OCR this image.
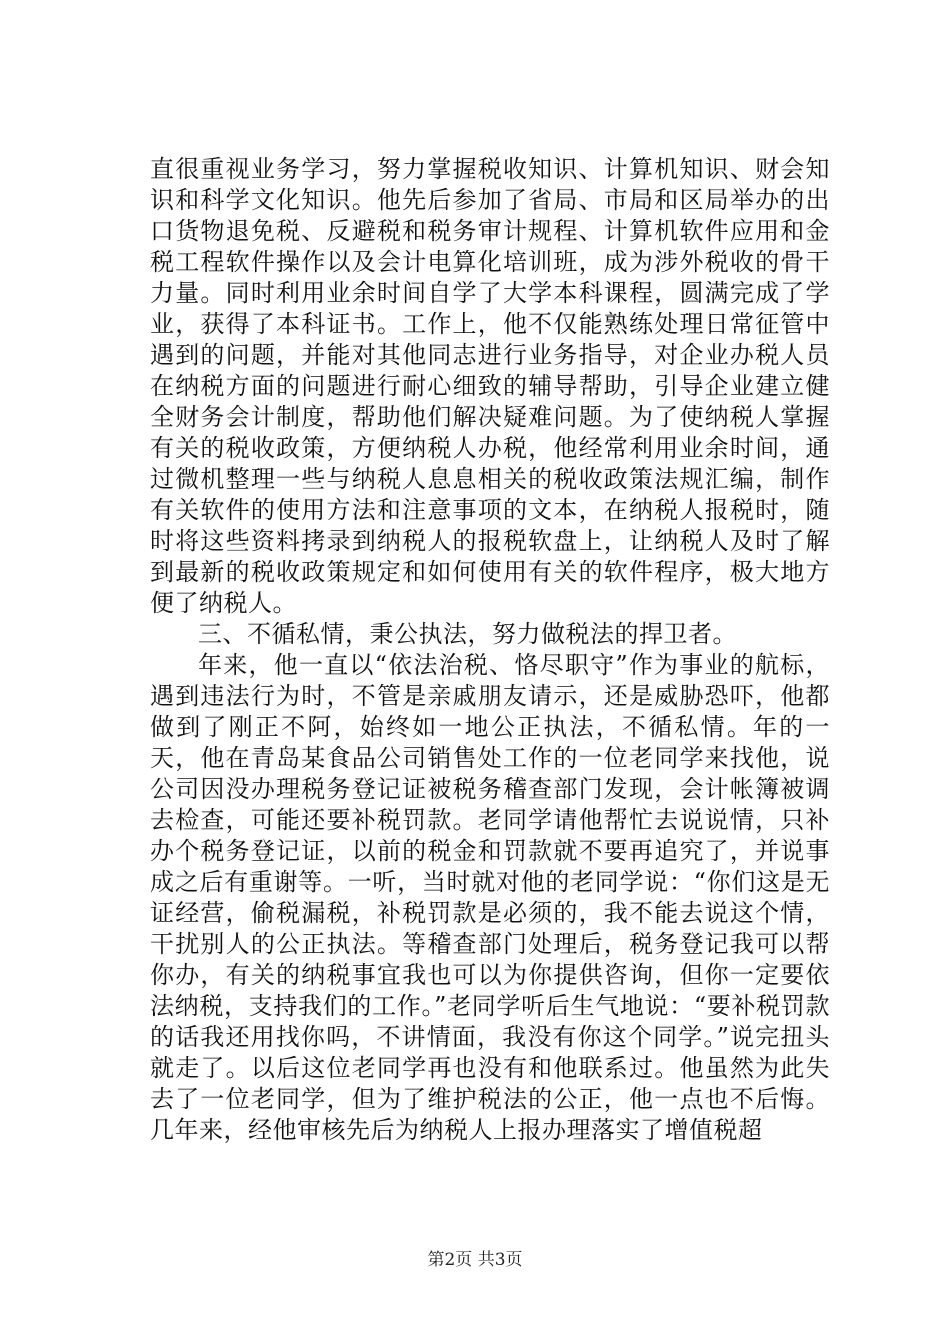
直很重视业务学习，努力掌握税收知识、计算机知识、财会知识和科学文化知识。他先后参加了省局、市局和区局举办的出口货物退免税、反避税和税务审计规程、计算机软件应用和金税工程软件操作以及会计电算化培训班，成为涉外税收的骨干力量。同时利用业余时间自学了大学本科课程，圆满完成了学业，获得了本科证书。工作上，他不仅能熟练处理日常征管中遇到的问题，并能对其他同志进行业务指导，对企业办税人员在纳税方面的问题进行耐心细致的辅导帮助，引导企业建立健全财务会计制度，帮助他们解决疑难问题。为了使纳税人掌握有关的税收政策，方便纳税人办税，他经常利用业余时间，通过微机整理一些与纳税人息息相关的税收政策法规汇编，制作有关软件的使用方法和注意事项的文本，在纳税人报税时，随时将这些资料拷录到纳税人的报税软盘上，让纳税人及时了解到最新的税收政策规定和如何使用有关的软件程序，极大地方便了纳税人。

三、不循私情，秉公执法，努力做税法的捍卫者。

年来，他一直以“依法治税、恪尽职守”作为事业的航标，遇到违法行为时，不管是亲戚朋友请示，还是威胁恐吓，他都做到了刚正不阿，始终如一地公正执法，不循私情。年的一天，他在青岛某食品公司销售处工作的一位老同学来找他，说公司因没办理税务登记证被税务稽查部门发现，会计帐簿被调去检查，可能还要补税罚款。老同学请他帮忙去说说情，只补办个税务登记证，以前的税金和罚款就不要再追究了，并说事成之后有重谢等。一听，当时就对他的老同学说：“你们这是无证经营，偷税漏税，补税罚款是必须的，我不能去说这个情，干扰别人的公正执法。等稽查部门处理后，税务登记我可以帮你办，有关的纳税事宜我也可以为你提供咨询，但你一定要依法纳税，支持我们的工作。”老同学听后生气地说：“要补税罚款的话我还用找你吗，不讲情面，我没有你这个同学。”说完扭头就走了。以后这位老同学再也没有和他联系过。他虽然为此失去了一位老同学，但为了维护税法的公正，他一点也不后悔。几年来，经他审核先后为纳税人上报办理落实了增值税超

第2页 共3页
